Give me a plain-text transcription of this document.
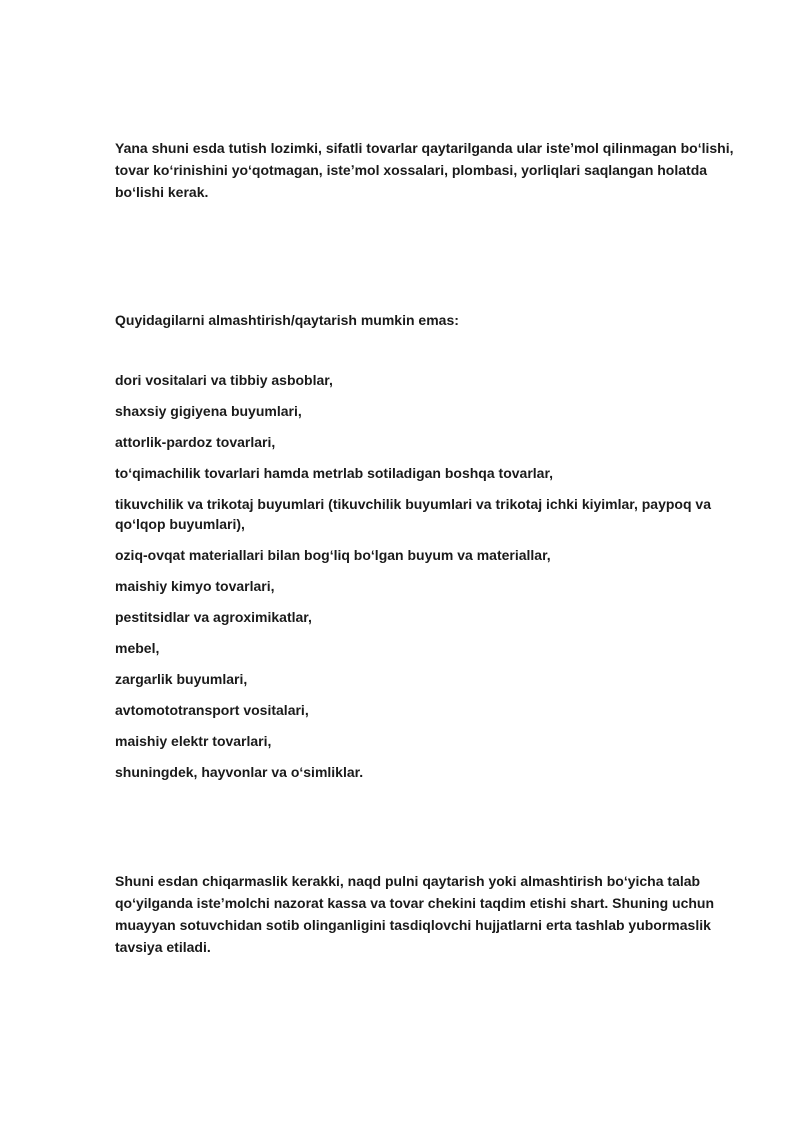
Yana shuni esda tutish lozimki, sifatli tovarlar qaytarilganda ular isteʼmol qilinmagan boʻlishi, tovar koʻrinishini yoʻqotmagan, isteʼmol xossalari, plombasi, yorliqlari saqlangan holatda boʻlishi kerak.

Quyidagilarni almashtirish/qaytarish mumkin emas:

dori vositalari va tibbiy asboblar,
shaxsiy gigiyena buyumlari,
attorlik-pardoz tovarlari,
toʻqimachilik tovarlari hamda metrlab sotiladigan boshqa tovarlar,
tikuvchilik va trikotaj buyumlari (tikuvchilik buyumlari va trikotaj ichki kiyimlar, paypoq va qoʻlqop buyumlari),
oziq-ovqat materiallari bilan bogʻliq boʻlgan buyum va materiallar,
maishiy kimyo tovarlari,
pestitsidlar va agroximikatlar,
mebel,
zargarlik buyumlari,
avtomototransport vositalari,
maishiy elektr tovarlari,
shuningdek, hayvonlar va oʻsimliklar.

Shuni esdan chiqarmaslik kerakki, naqd pulni qaytarish yoki almashtirish boʻyicha talab qoʻyilganda isteʼmolchi nazorat kassa va tovar chekini taqdim etishi shart. Shuning uchun muayyan sotuvchidan sotib olinganligini tasdiqlovchi hujjatlarni erta tashlab yubormaslik tavsiya etiladi.
